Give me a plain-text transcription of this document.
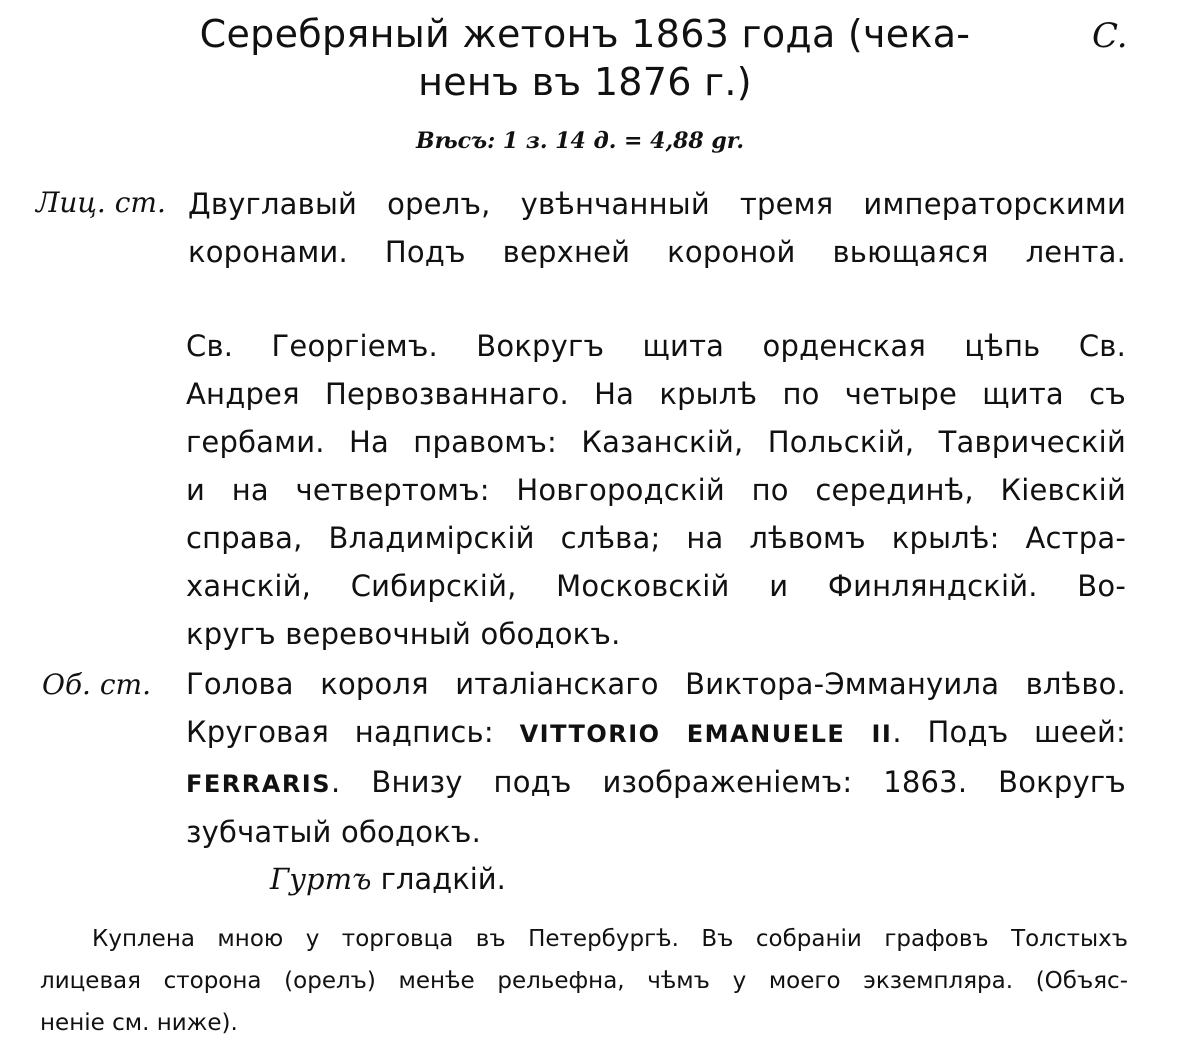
Серебряный жетонъ 1863 года (чека-
ненъ въ 1876 г.)
C.
Вѣсъ: 1 з. 14 д. = 4,88 gr.
Лиц. ст. Двуглавый орелъ, увѣнчанный тремя императорскими
коронами. Подъ верхней короной вьющаяся лента.
Св. Георгіемъ. Вокругъ щита орденская цѣпь Св.
Андрея Первозваннаго. На крылѣ по четыре щита съ
гербами. На правомъ: Казанскій, Польскій, Таврическій
и на четвертомъ: Новгородскій по серединѣ, Кіевскій
справа, Владимірскій слѣва; на лѣвомъ крылѣ: Астра-
ханскій, Сибирскій, Московскій и Финляндскій. Во-
кругъ веревочный ободокъ.
Об. ст. Голова короля италіанскаго Виктора-Эммануила влѣво.
Круговая надпись: VITTORIO EMANUELE II. Подъ шеей:
FERRARIS. Внизу подъ изображеніемъ: 1863. Вокругъ
зубчатый ободокъ.
Гуртъ гладкій.
Куплена мною у торговца въ Петербургѣ. Въ собраніи графовъ Толстыхъ
лицевая сторона (орелъ) менѣе рельефна, чѣмъ у моего экземпляра. (Объяс-
неніе см. ниже).
